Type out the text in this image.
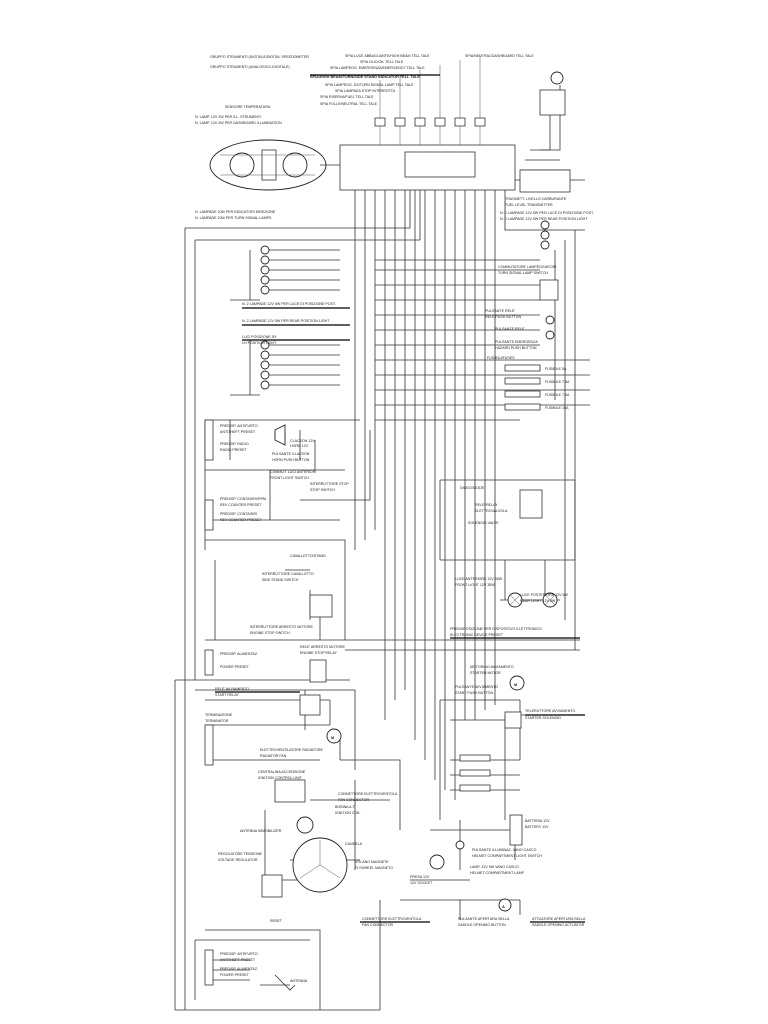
M
M
A
GRUPPO STRUMENTI (DIGITALE/DIGITAL SPEEDOMETER
GRUPPO STRUMENTI (ANALOGICO-DIGITALE)
SENSORE TEMPERATURA
N. LAMP. 12V 2W PER ILL. STRUMENTI
N. LAMP. 12V 2W PER DASHBOARD ILLUMINATION
SPIA LUCE ABBAGLIANTE/HIGH BEAM TELL TALE
SPIA OLIO/OIL TELL TALE
SPIA LAMPEGG. EMERGENZA/EMERGENCY TELL TALE
SPIA/HIGH BEAM/TURN/SIDE STAND INDICATOR TELL TALE
SPIA LAMPEGG. DX/TURN SIGNAL LAMP TELL TALE
SPIA LAMPADA STOP INTERROTTA
SPIA RISERVA/FUEL TELL TALE
SPIA FOLLE/NEUTRAL TELL TALE
SPIA/NEUTRAL/DASHBOARD TELL TALE
TRASMETT. LIVELLO CARBURANTE
FUEL LEVEL TRANSMITTER
N. LAMPADE 10W PER INDICATORI DIREZIONE
N. LAMPADE 10W PER TURN SIGNAL LAMPS
N. 2 LAMPADE 12V 5W PER LUCE DI POSIZIONE POST.
N. 2 LAMPADE 12V 5W PER REAR POSITION LIGHT
COMMUTATORE LAMPEGGIATORI
TURN SIGNAL LAMP SWITCH
N. 2 LAMPADE 12V 5W PER LUCE DI POSIZIONE POST.
N. 2 LAMPADE 12V 5W PER REAR POSITION LIGHT
LUCI POSIZIONE SX
LH POSITION LIGHT
PULSANTE RELE'
RELE PUSH BUTTON
PULSANTE RELE'
PULSANTE EMERGENZA
HAZARD PUSH BUTTON
FUSIBILI/FUSES
FUSIBILE 5A
FUSIBILE 7.5A
FUSIBILE 7.5A
FUSIBILE 15A
PREDISP. ANTIFURTO
ANTITHEFT PRESET
PREDISP. RADIO
RADIO PRESET
CLACSON 12V
HORN 12V
PULSANTE CLACSON
HORN PUSH BUTTON
COMMUT. LUCI ANTERIORI
FRONT LIGHT SWITCH
INTERRUTTORE STOP
STOP SWITCH
PREDISP. CONTAGIRI/RPM
REV COUNTER PRESET
PREDISP. CONTAGIRI
REV COUNTER PRESET
DIODO/DIODE
RELE'/RELAY
ELETTROVALVOLA
SOLENOID VALVE
LUCE ANTERIORE 12V 35W
FRONT LIGHT 12V 35W
LUCE POSTERIORE 12V 5W
REAR LIGHT 12V 5W
CAVALLETTO/STAND
INTERRUTTORE CAVALLETTO
SIDE STAND SWITCH
INTERRUTTORE ARRESTO MOTORE
ENGINE STOP SWITCH
RELE' ARRESTO MOTORE
ENGINE STOP RELAY
PREDISP. ALIMENTAZ.
POWER PRESET
PREDISPOSIZIONE PER DISPOSITIVO ELETTRONICO
ELECTRONIC DEVICE PRESET
MOTORINO AVVIAMENTO
STARTER MOTOR
PULSANTE AVVIAMENTO
START PUSH BUTTON
TELERUTTORE AVVIAMENTO
STARTER SOLENOID
RELE' AVVIAMENTO
START RELAY
TERMINAZIONE
TERMINATOR
ELETTROVENTILATORE RADIATORE
RADIATOR FAN
CENTRALINA ACCENSIONE
IGNITION CONTROL UNIT
CONNETTORE ELETTROVENTOLA
FAN CONNECTOR
BOBINA A.T.
IGNITION COIL
ANTENNA IMMOBILIZER
CANDELA
REGOLATORE TENSIONE
VOLTAGE REGULATOR	VOLANO MAGNETE
FLYWHEEL MAGNETO
BATTERIA 12V
BATTERY 12V
PULSANTE ILLUMINAZ. VANO CASCO
HELMET COMPARTMENT LIGHT SWITCH
LAMP. 12V 5W VANO CASCO
HELMET COMPARTMENT LAMP
PRESA 12V
12V SOCKET
RESET	CONNETTORE ELETTROVENTOLA
FAN CONNECTOR
PULSANTE APERTURA SELLA
SADDLE OPENING BUTTON
ATTUATORE APERTURA SELLA
SADDLE OPENING ACTUATOR
PREDISP. ANTIFURTO
ANTITHEFT PRESET
PREDISP. ALIMENTAZ.
POWER PRESET
ANTENNA
